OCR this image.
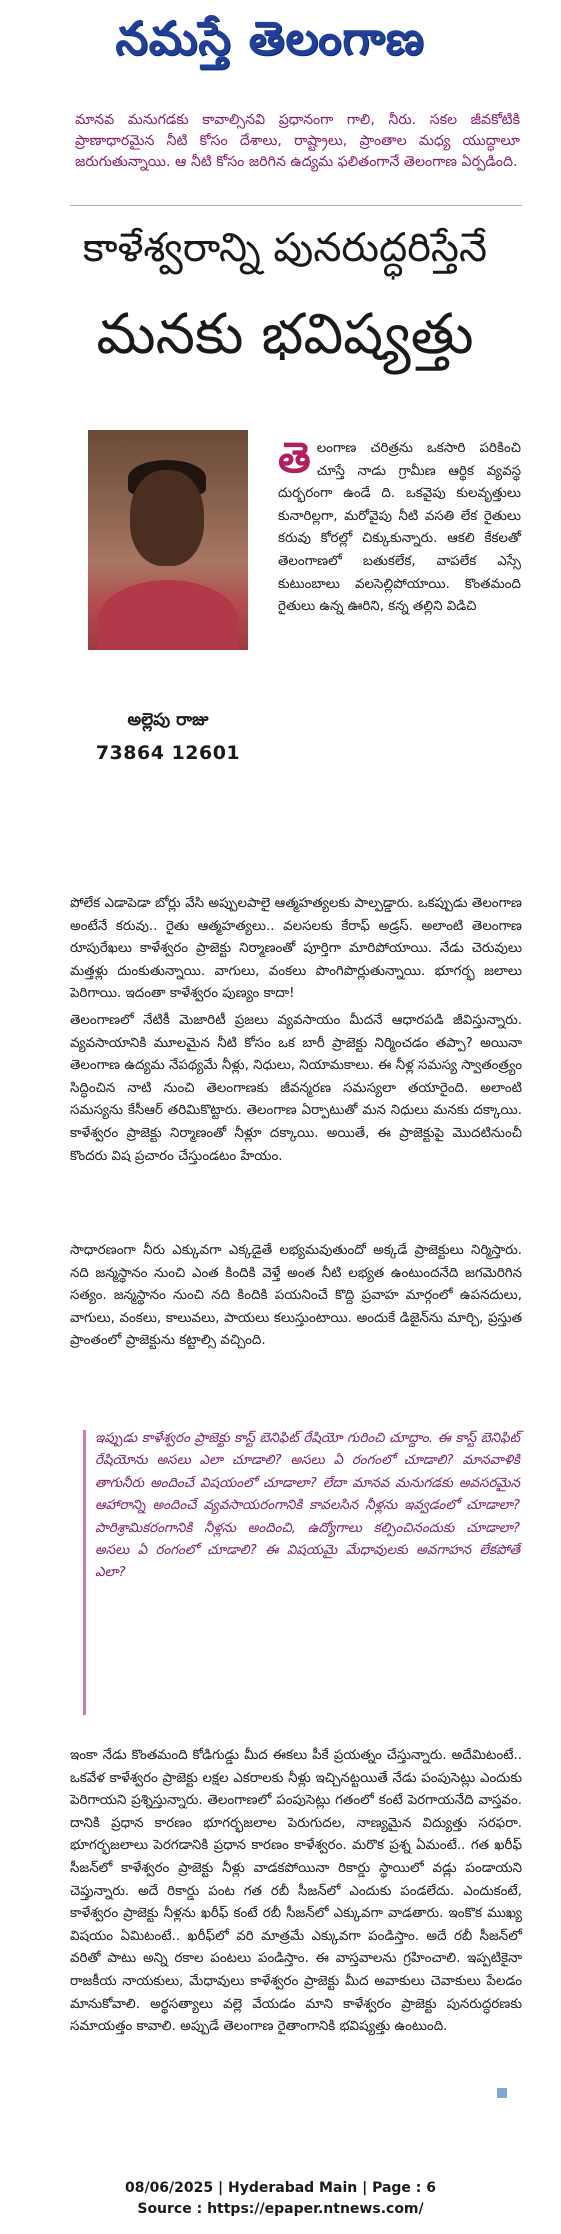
నమస్తే తెలంగాణ
మానవ మనుగడకు కావాల్సినవి ప్రధానంగా గాలి, నీరు. సకల జీవకోటికి ప్రాణాధారమైన నీటి కోసం దేశాలు, రాష్ట్రాలు, ప్రాంతాల మధ్య యుద్ధాలూ జరుగుతున్నాయి. ఆ నీటి కోసం జరిగిన ఉద్యమ ఫలితంగానే తెలంగాణ ఏర్పడింది.
కాళేశ్వరాన్ని పునరుద్ధరిస్తేనే
మనకు భవిష్యత్తు
అల్లెపు రాజు
73864 12601
తెలంగాణ చరిత్రను ఒకసారి పరికించి చూస్తే నాడు గ్రామీణ ఆర్థిక వ్యవస్థ దుర్భరంగా ఉండే ది. ఒకవైపు కులవృత్తులు కునారిల్లగా, మరోవైపు నీటి వసతి లేక రైతులు కరువు కోరల్లో చిక్కుకున్నారు. ఆకలి కేకలతో తెలంగాణలో బతుకలేక, వాపలేక ఎస్సే కుటుంబాలు వలసెల్లిపోయాయి. కొంతమంది రైతులు ఉన్న ఊరిని, కన్న తల్లిని విడిచి
పోలేక ఎడాపెడా బోర్లు వేసి అప్పులపాలై ఆత్మహత్యలకు పాల్పడ్డారు. ఒకప్పుడు తెలంగాణ అంటేనే కరువు.. రైతు ఆత్మహత్యలు.. వలసలకు కేరాఫ్ అడ్రస్. అలాంటి తెలంగాణ రూపురేఖలు కాళేశ్వరం ప్రాజెక్టు నిర్మాణంతో పూర్తిగా మారిపోయాయి. నేడు చెరువులు మత్తళ్లు దుంకుతున్నాయి. వాగులు, వంకలు పొంగిపొర్లుతున్నాయి. భూగర్భ జలాలు పెరిగాయి. ఇదంతా కాళేశ్వరం పుణ్యం కాదా!
తెలంగాణలో నేటికీ మెజారిటీ ప్రజలు వ్యవసాయం మీదనే ఆధారపడి జీవిస్తున్నారు. వ్యవసాయానికి మూలమైన నీటి కోసం ఒక బారీ ప్రాజెక్టు నిర్మించడం తప్పా? అయినా తెలంగాణ ఉద్యమ నేపథ్యమే నీళ్లు, నిధులు, నియామకాలు. ఈ నీళ్ల సమస్య స్వాతంత్ర్యం సిద్ధించిన నాటి నుంచి తెలంగాణకు జీవన్మరణ సమస్యలా తయారైంది. అలాంటి సమస్యను కేసీఆర్ తరిమికొట్టారు. తెలంగాణ ఏర్పాటుతో మన నిధులు మనకు దక్కాయి. కాళేశ్వరం ప్రాజెక్టు నిర్మాణంతో నీళ్లూ దక్కాయి. అయితే, ఈ ప్రాజెక్టుపై మొదటినుంచీ కొందరు విష ప్రచారం చేస్తుండటం హేయం.
సాధారణంగా నీరు ఎక్కువగా ఎక్కడైతే లభ్యమవుతుందో అక్కడే ప్రాజెక్టులు నిర్మిస్తారు. నది జన్మస్థానం నుంచి ఎంత కిందికి వెళ్తే అంత నీటి లభ్యత ఉంటుందనేది జగమెరిగిన సత్యం. జన్మస్థానం నుంచి నది కిందికి పయనించే కొద్ది ప్రవాహ మార్గంలో ఉపనదులు, వాగులు, వంకలు, కాలువలు, పాయలు కలుస్తుంటాయి. అందుకే డిజైన్‌ను మార్చి, ప్రస్తుత ప్రాంతంలో ప్రాజెక్టును కట్టాల్సి వచ్చింది.
ఇప్పుడు కాళేశ్వరం ప్రాజెక్టు కాస్ట్ బెనిఫిట్ రేషియో గురించి చూద్దాం. ఈ కాస్ట్ బెనిఫిట్ రేషియోను అసలు ఎలా చూడాలి? అసలు ఏ రంగంలో చూడాలి? మానవాళికి తాగునీరు అందించే విషయంలో చూడాలా? లేదా మానవ మనుగడకు అవసరమైన ఆహారాన్ని అందించే వ్యవసాయరంగానికి కావలసిన నీళ్లను ఇవ్వడంలో చూడాలా? పారిశ్రామికరంగానికి నీళ్లను అందించి, ఉద్యోగాలు కల్పించినందుకు చూడాలా? అసలు ఏ రంగంలో చూడాలి? ఈ విషయమై మేధావులకు అవగాహన లేకపోతే ఎలా?
ఇంకా నేడు కొంతమంది కోడిగుడ్డు మీద ఈకలు పీకే ప్రయత్నం చేస్తున్నారు. అదేమిటంటే.. ఒకవేళ కాళేశ్వరం ప్రాజెక్టు లక్షల ఎకరాలకు నీళ్లు ఇచ్చినట్టయితే నేడు పంపుసెట్లు ఎందుకు పెరిగాయని ప్రశ్నిస్తున్నారు. తెలంగాణలో పంపుసెట్లు గతంలో కంటే పెరగాయనేది వాస్తవం. దానికి ప్రధాన కారణం భూగర్భజలాల పెరుగుదల, నాణ్యమైన విద్యుత్తు సరఫరా. భూగర్భజలాలు పెరగడానికి ప్రధాన కారణం కాళేశ్వరం. మరొక ప్రశ్న ఏమంటే.. గత ఖరీఫ్ సీజన్‌లో కాళేశ్వరం ప్రాజెక్టు నీళ్లు వాడకపోయినా రికార్డు స్థాయిలో వడ్లు పండాయని చెప్తున్నారు. అదే రికార్డు పంట గత రబీ సీజన్‌లో ఎందుకు పండలేదు. ఎందుకంటే, కాళేశ్వరం ప్రాజెక్టు నీళ్లను ఖరీఫ్ కంటే రబీ సీజన్‌లో ఎక్కువగా వాడతారు. ఇంకొక ముఖ్య విషయం ఏమిటంటే.. ఖరీఫ్‌లో వరి మాత్రమే ఎక్కువగా పండిస్తాం. అదే రబీ సీజన్‌లో వరితో పాటు అన్ని రకాల పంటలు పండిస్తాం. ఈ వాస్తవాలను గ్రహించాలి. ఇప్పటికైనా రాజకీయ నాయకులు, మేధావులు కాళేశ్వరం ప్రాజెక్టు మీద అవాకులు చెవాకులు పేలడం మానుకోవాలి. అర్థసత్యాలు వల్లె వేయడం మాని కాళేశ్వరం ప్రాజెక్టు పునరుద్ధరణకు సమాయత్తం కావాలి. అప్పుడే తెలంగాణ రైతాంగానికి భవిష్యత్తు ఉంటుంది.
08/06/2025 | Hyderabad Main | Page : 6
Source : https://epaper.ntnews.com/
